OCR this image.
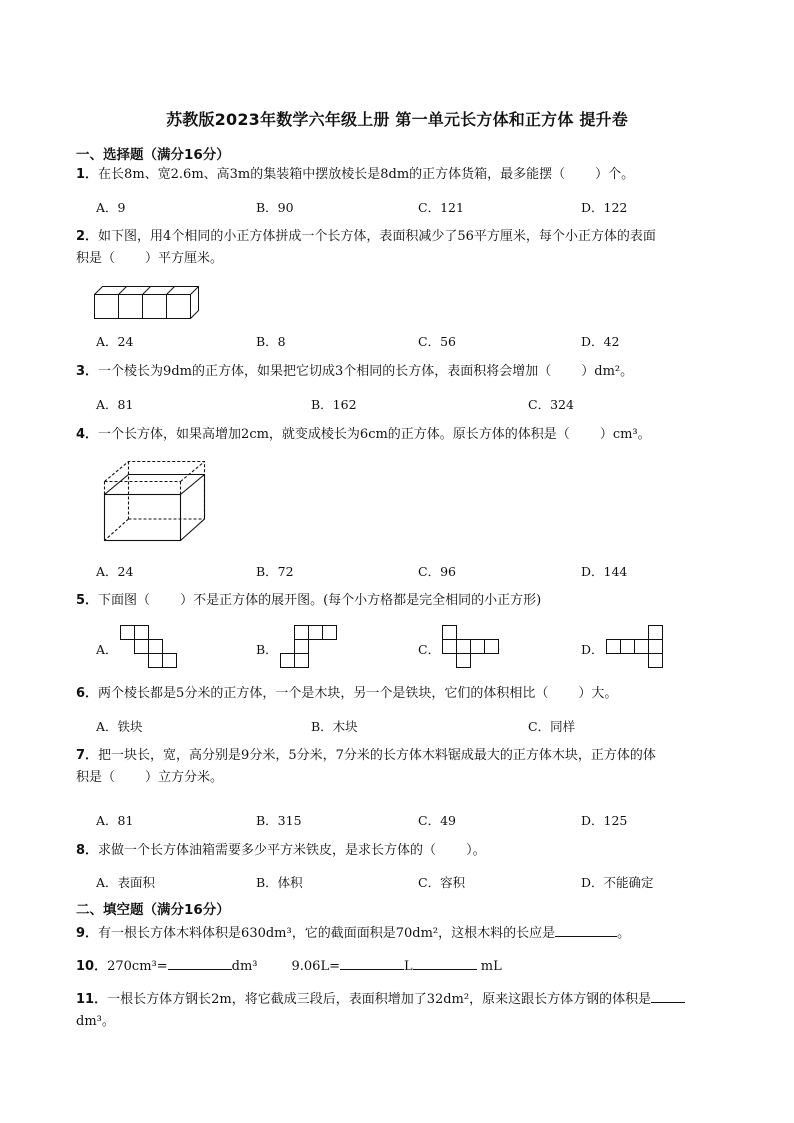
苏教版2023年数学六年级上册 第一单元长方体和正方体 提升卷
一、选择题（满分16分）
1．在长8m、宽2.6m、高3m的集装箱中摆放棱长是8dm的正方体货箱，最多能摆（ ）个。
A．9	B．90	C．121	D．122
2．如下图，用4个相同的小正方体拼成一个长方体，表面积减少了56平方厘米，每个小正方体的表面
积是（ ）平方厘米。
A．24	B．8	C．56	D．42
3．一个棱长为9dm的正方体，如果把它切成3个相同的长方体，表面积将会增加（ ）dm²。
A．81	B．162	C．324
4．一个长方体，如果高增加2cm，就变成棱长为6cm的正方体。原长方体的体积是（ ）cm³。
A．24	B．72	C．96	D．144
5．下面图（ ）不是正方体的展开图。(每个小方格都是完全相同的小正方形)
A．	B．	C．	D．
6．两个棱长都是5分米的正方体，一个是木块，另一个是铁块，它们的体积相比（ ）大。
A．铁块	B．木块	C．同样
7．把一块长，宽，高分别是9分米，5分米，7分米的长方体木料锯成最大的正方体木块，正方体的体
积是（ ）立方分米。
A．81	B．315	C．49	D．125
8．求做一个长方体油箱需要多少平方米铁皮，是求长方体的（ ）。
A．表面积	B．体积	C．容积	D．不能确定
二、填空题（满分16分）
9．有一根长方体木料体积是630dm³，它的截面面积是70dm²，这根木料的长应是	。
10．270cm³=	dm³	9.06L=	L	mL
11．一根长方体方钢长2m，将它截成三段后，表面积增加了32dm²，原来这跟长方体方钢的体积是
dm³。
